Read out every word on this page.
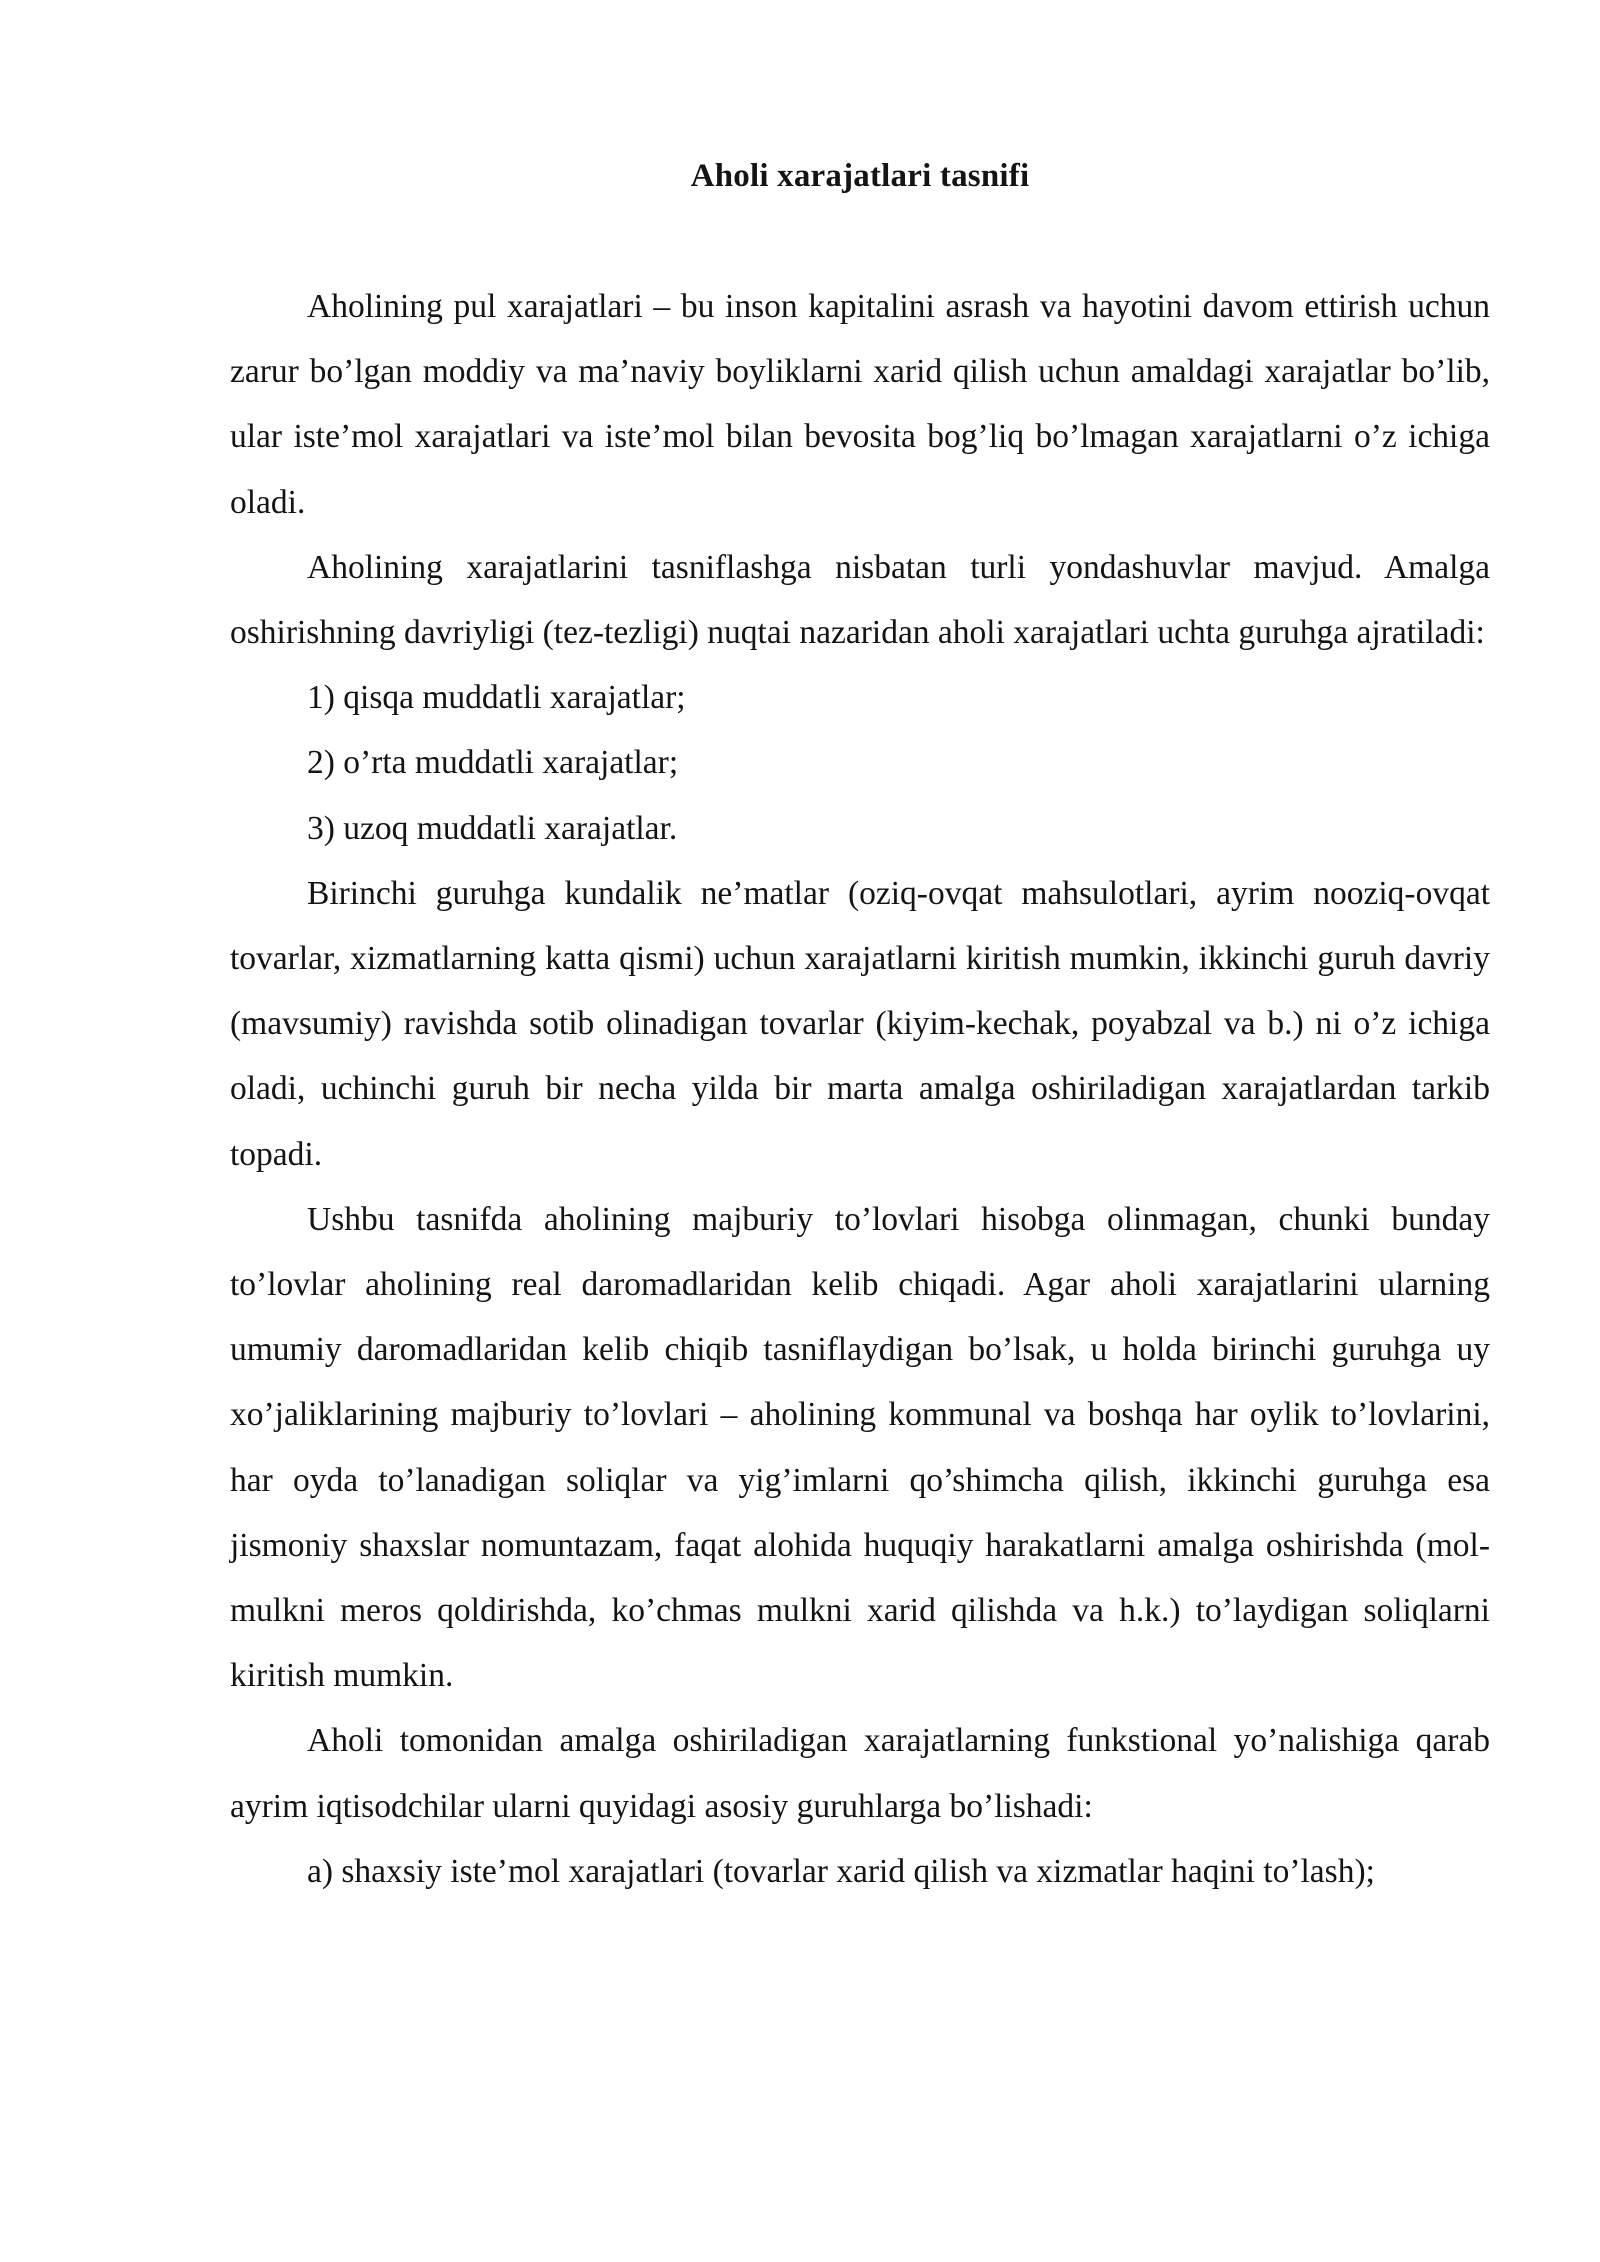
Aholi xarajatlari tasnifi

Aholining pul xarajatlari – bu inson kapitalini asrash va hayotini davom ettirish uchun zarur bo’lgan moddiy va ma’naviy boyliklarni xarid qilish uchun amaldagi xarajatlar bo’lib, ular iste’mol xarajatlari va iste’mol bilan bevosita bog’liq bo’lmagan xarajatlarni o’z ichiga oladi.

Aholining xarajatlarini tasniflashga nisbatan turli yondashuvlar mavjud. Amalga oshirishning davriyligi (tez-tezligi) nuqtai nazaridan aholi xarajatlari uchta guruhga ajratiladi:

1) qisqa muddatli xarajatlar;

2) o’rta muddatli xarajatlar;

3) uzoq muddatli xarajatlar.

Birinchi guruhga kundalik ne’matlar (oziq-ovqat mahsulotlari, ayrim nooziq-ovqat tovarlar, xizmatlarning katta qismi) uchun xarajatlarni kiritish mumkin, ikkinchi guruh davriy (mavsumiy) ravishda sotib olinadigan tovarlar (kiyim-kechak, poyabzal va b.) ni o’z ichiga oladi, uchinchi guruh bir necha yilda bir marta amalga oshiriladigan xarajatlardan tarkib topadi.

Ushbu tasnifda aholining majburiy to’lovlari hisobga olinmagan, chunki bunday to’lovlar aholining real daromadlaridan kelib chiqadi. Agar aholi xarajatlarini ularning umumiy daromadlaridan kelib chiqib tasniflaydigan bo’lsak, u holda birinchi guruhga uy xo’jaliklarining majburiy to’lovlari – aholining kommunal va boshqa har oylik to’lovlarini, har oyda to’lanadigan soliqlar va yig’imlarni qo’shimcha qilish, ikkinchi guruhga esa jismoniy shaxslar nomuntazam, faqat alohida huquqiy harakatlarni amalga oshirishda (mol-mulkni meros qoldirishda, ko’chmas mulkni xarid qilishda va h.k.) to’laydigan soliqlarni kiritish mumkin.

Aholi tomonidan amalga oshiriladigan xarajatlarning funkstional yo’nalishiga qarab ayrim iqtisodchilar ularni quyidagi asosiy guruhlarga bo’lishadi:

a) shaxsiy iste’mol xarajatlari (tovarlar xarid qilish va xizmatlar haqini to’lash);
